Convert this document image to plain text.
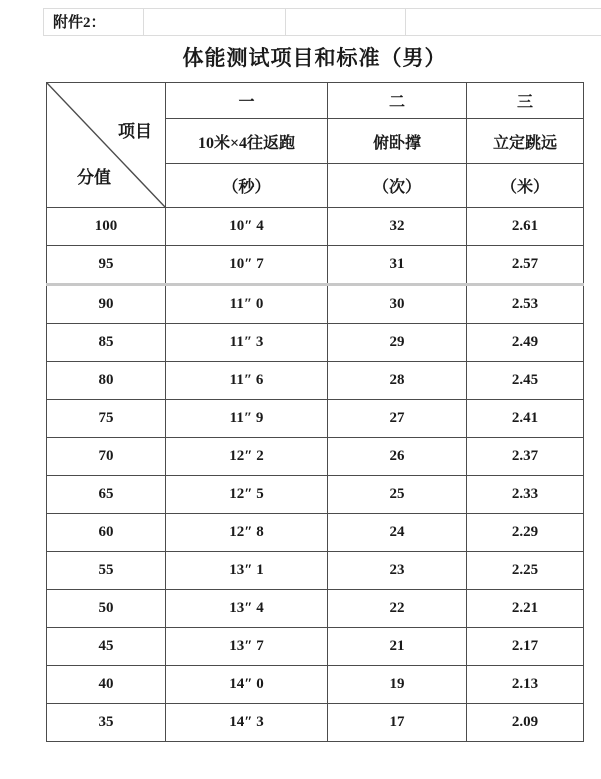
附件2：
体能测试项目和标准（男）
项目
分值	一	二	三
	10米×4往返跑	俯卧撑	立定跳远
	（秒）	（次）	（米）
100	10″ 4	32	2.61
95	10″ 7	31	2.57
90	11″ 0	30	2.53
85	11″ 3	29	2.49
80	11″ 6	28	2.45
75	11″ 9	27	2.41
70	12″ 2	26	2.37
65	12″ 5	25	2.33
60	12″ 8	24	2.29
55	13″ 1	23	2.25
50	13″ 4	22	2.21
45	13″ 7	21	2.17
40	14″ 0	19	2.13
35	14″ 3	17	2.09
